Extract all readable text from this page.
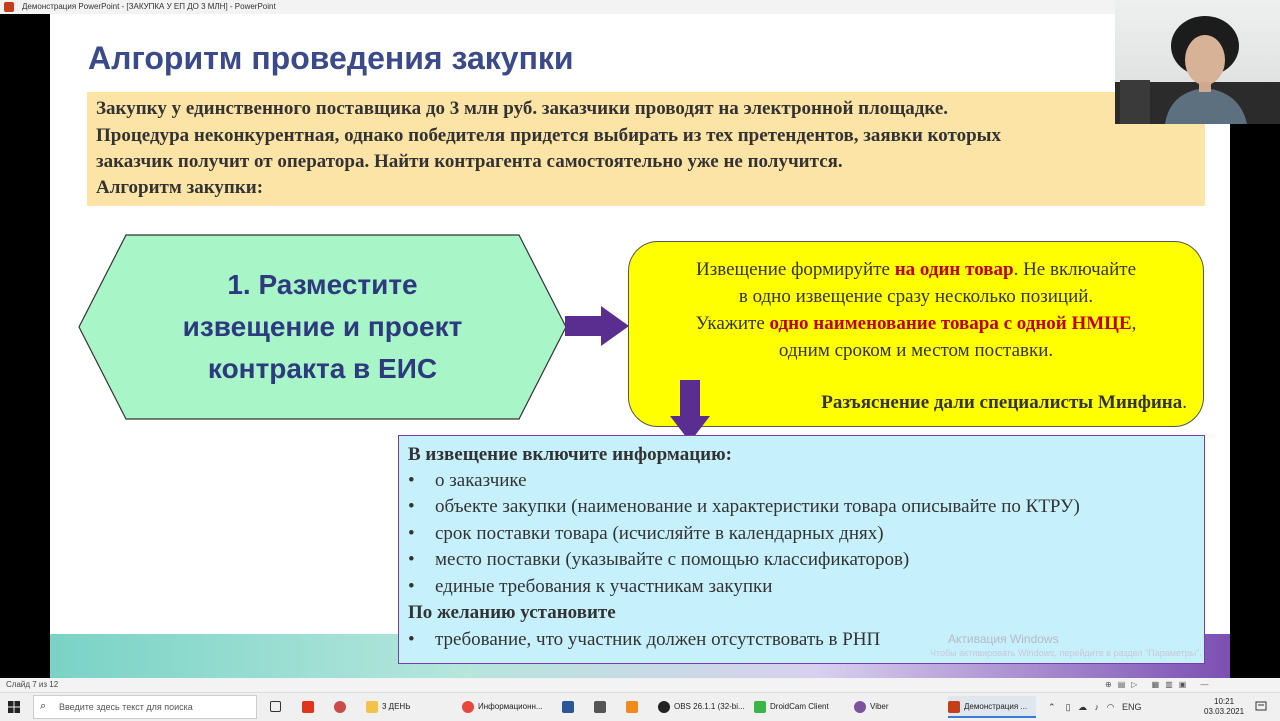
Демонстрация PowerPoint - [ЗАКУПКА У ЕП ДО 3 МЛН] - PowerPoint
Алгоритм проведения закупки

Закупку у единственного поставщика до 3 млн руб. заказчики проводят на электронной площадке.

Процедура неконкурентная, однако победителя придется выбирать из тех претендентов, заявки которых

заказчик получит от оператора. Найти контрагента самостоятельно уже не получится.

Алгоритм закупки:

1. Разместите
извещение и проект
контракта в ЕИС
Извещение формируйте на один товар. Не включайте
в одно извещение сразу несколько позиций.
Укажите одно наименование товара с одной НМЦЕ,
одним сроком и местом поставки.
Разъяснение дали специалисты Минфина.
В извещение включите информацию:
• о заказчике
• объекте закупки (наименование и характеристики товара описывайте по КТРУ)
• срок поставки товара (исчисляйте в календарных днях)
• место поставки (указывайте с помощью классификаторов)
• единые требования к участникам закупки
По желанию установите
• требование, что участник должен отсутствовать в РНП	Активация Windows
Чтобы активировать Windows, перейдите в раздел "Параметры".
Слайд 7 из 12	⊕▤▷ ▦▥▣ —
⌕ Введите здесь текст для поиска	3 ДЕНЬ	Информационн...	OBS 26.1.1 (32-bi...	DroidCam Client	Viber	Демонстрация ...	⌃ ▯ ☁ ♪ ◠ ENG
10:21
03.03.2021
